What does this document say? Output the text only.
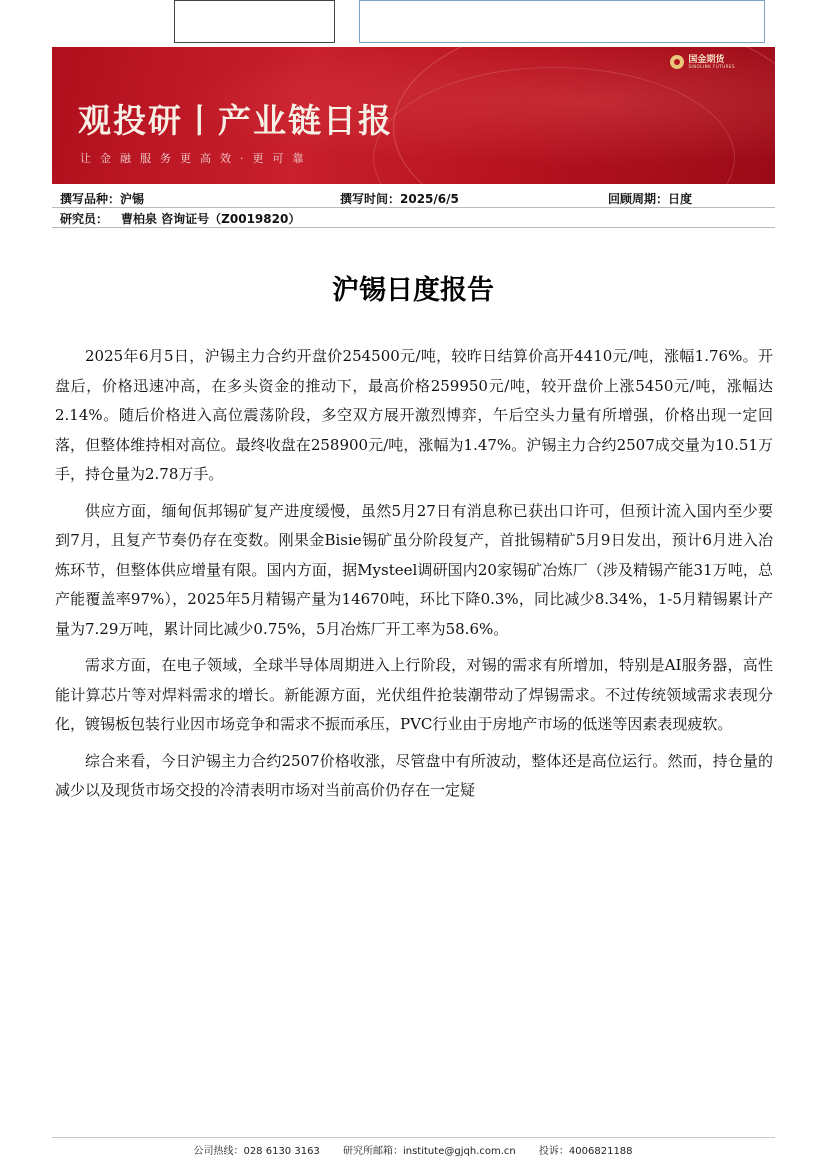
国金期货
SINOLINK FUTURES
观投研丨产业链日报
让金融服务更高效·更可靠
撰写品种：沪锡	撰写时间：2025/6/5	回顾周期：日度
研究员： 曹柏泉 咨询证号（Z0019820）
沪锡日度报告

2025年6月5日，沪锡主力合约开盘价254500元/吨，较昨日结算价高开4410元/吨，涨幅1.76%。开盘后，价格迅速冲高，在多头资金的推动下，最高价格259950元/吨，较开盘价上涨5450元/吨，涨幅达2.14%。随后价格进入高位震荡阶段，多空双方展开激烈博弈，午后空头力量有所增强，价格出现一定回落，但整体维持相对高位。最终收盘在258900元/吨，涨幅为1.47%。沪锡主力合约2507成交量为10.51万手，持仓量为2.78万手。

供应方面，缅甸佤邦锡矿复产进度缓慢，虽然5月27日有消息称已获出口许可，但预计流入国内至少要到7月，且复产节奏仍存在变数。刚果金Bisie锡矿虽分阶段复产，首批锡精矿5月9日发出，预计6月进入冶炼环节，但整体供应增量有限。国内方面，据Mysteel调研国内20家锡矿冶炼厂（涉及精锡产能31万吨，总产能覆盖率97%），2025年5月精锡产量为14670吨，环比下降0.3%，同比减少8.34%，1-5月精锡累计产量为7.29万吨，累计同比减少0.75%，5月冶炼厂开工率为58.6%。

需求方面，在电子领域，全球半导体周期进入上行阶段，对锡的需求有所增加，特别是AI服务器，高性能计算芯片等对焊料需求的增长。新能源方面，光伏组件抢装潮带动了焊锡需求。不过传统领域需求表现分化，镀锡板包装行业因市场竞争和需求不振而承压，PVC行业由于房地产市场的低迷等因素表现疲软。

综合来看，今日沪锡主力合约2507价格收涨，尽管盘中有所波动，整体还是高位运行。然而，持仓量的减少以及现货市场交投的冷清表明市场对当前高价仍存在一定疑

公司热线：028 6130 3163 研究所邮箱：institute@gjqh.com.cn 投诉：4006821188
